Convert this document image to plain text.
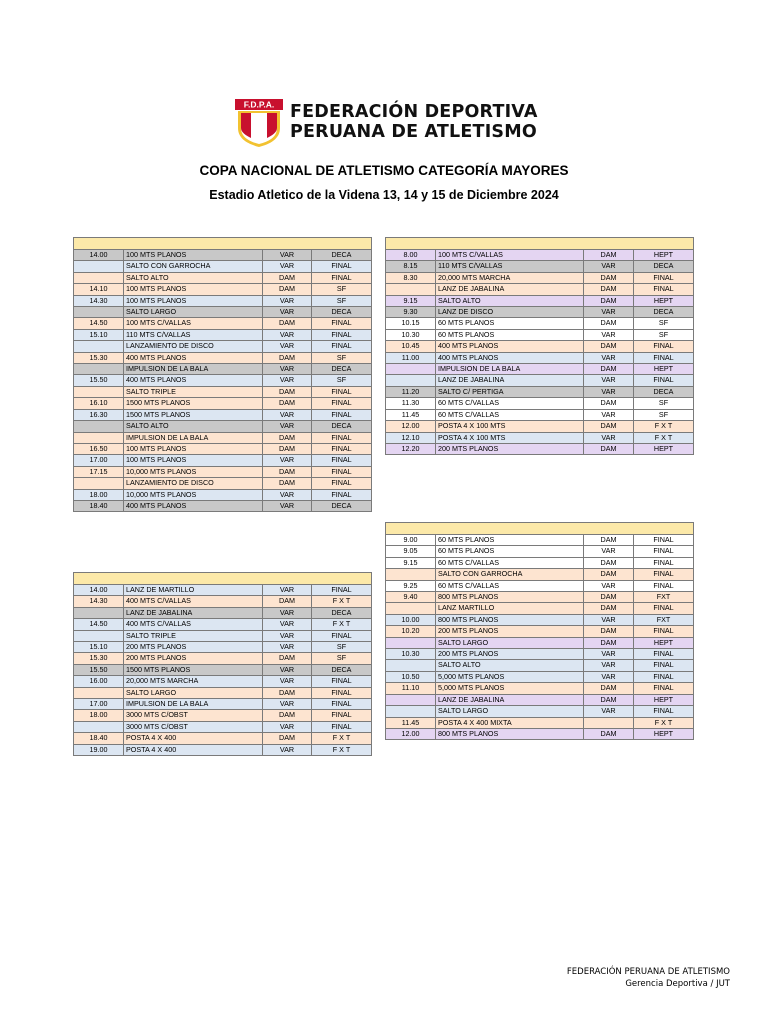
F.D.P.A. FEDERACIÓN DEPORTIVA
PERUANA DE ATLETISMO
COPA NACIONAL DE ATLETISMO CATEGORÍA MAYORES
Estadio Atletico de la Videna 13, 14 y 15 de Diciembre 2024

14.00	100 MTS PLANOS	VAR	DECA
	SALTO CON GARROCHA	VAR	FINAL
	SALTO ALTO	DAM	FINAL
14.10	100 MTS PLANOS	DAM	SF
14.30	100 MTS PLANOS	VAR	SF
	SALTO LARGO	VAR	DECA
14.50	100 MTS C/VALLAS	DAM	FINAL
15.10	110 MTS C/VALLAS	VAR	FINAL
	LANZAMIENTO DE DISCO	VAR	FINAL
15.30	400 MTS PLANOS	DAM	SF
	IMPULSION DE LA BALA	VAR	DECA
15.50	400 MTS PLANOS	VAR	SF
	SALTO TRIPLE	DAM	FINAL
16.10	1500 MTS PLANOS	DAM	FINAL
16.30	1500 MTS PLANOS	VAR	FINAL
	SALTO ALTO	VAR	DECA
	IMPULSION DE LA BALA	DAM	FINAL
16.50	100 MTS PLANOS	DAM	FINAL
17.00	100 MTS PLANOS	VAR	FINAL
17.15	10,000 MTS PLANOS	DAM	FINAL
	LANZAMIENTO DE DISCO	DAM	FINAL
18.00	10,000 MTS PLANOS	VAR	FINAL
18.40	400 MTS PLANOS	VAR	DECA

8.00	100 MTS C/VALLAS	DAM	HEPT
8.15	110 MTS C/VALLAS	VAR	DECA
8.30	20,000 MTS MARCHA	DAM	FINAL
	LANZ DE JABALINA	DAM	FINAL
9.15	SALTO ALTO	DAM	HEPT
9.30	LANZ DE DISCO	VAR	DECA
10.15	60 MTS PLANOS	DAM	SF
10.30	60 MTS PLANOS	VAR	SF
10.45	400 MTS PLANOS	DAM	FINAL
11.00	400 MTS PLANOS	VAR	FINAL
	IMPULSION DE LA BALA	DAM	HEPT
	LANZ DE JABALINA	VAR	FINAL
11.20	SALTO C/ PERTIGA	VAR	DECA
11.30	60 MTS C/VALLAS	DAM	SF
11.45	60 MTS C/VALLAS	VAR	SF
12.00	POSTA 4 X 100 MTS	DAM	F X T
12.10	POSTA 4 X 100 MTS	VAR	F X T
12.20	200 MTS PLANOS	DAM	HEPT

14.00	LANZ DE MARTILLO	VAR	FINAL
14.30	400 MTS C/VALLAS	DAM	F X T
	LANZ DE JABALINA	VAR	DECA
14.50	400 MTS C/VALLAS	VAR	F X T
	SALTO TRIPLE	VAR	FINAL
15.10	200 MTS PLANOS	VAR	SF
15.30	200 MTS PLANOS	DAM	SF
15.50	1500 MTS PLANOS	VAR	DECA
16.00	20,000 MTS MARCHA	VAR	FINAL
	SALTO LARGO	DAM	FINAL
17.00	IMPULSION DE LA BALA	VAR	FINAL
18.00	3000 MTS C/OBST	DAM	FINAL
	3000 MTS C/OBST	VAR	FINAL
18.40	POSTA 4 X 400	DAM	F X T
19.00	POSTA 4 X 400	VAR	F X T

9.00	60 MTS PLANOS	DAM	FINAL
9.05	60 MTS PLANOS	VAR	FINAL
9.15	60 MTS C/VALLAS	DAM	FINAL
	SALTO CON GARROCHA	DAM	FINAL
9.25	60 MTS C/VALLAS	VAR	FINAL
9.40	800 MTS PLANOS	DAM	FXT
	LANZ MARTILLO	DAM	FINAL
10.00	800 MTS PLANOS	VAR	FXT
10.20	200 MTS PLANOS	DAM	FINAL
	SALTO LARGO	DAM	HEPT
10.30	200 MTS PLANOS	VAR	FINAL
	SALTO ALTO	VAR	FINAL
10.50	5,000 MTS PLANOS	VAR	FINAL
11.10	5,000 MTS PLANOS	DAM	FINAL
	LANZ DE JABALINA	DAM	HEPT
	SALTO LARGO	VAR	FINAL
11.45	POSTA 4 X 400 MIXTA		F X T
12.00	800 MTS PLANOS	DAM	HEPT
FEDERACIÓN PERUANA DE ATLETISMO
Gerencia Deportiva / JUT
